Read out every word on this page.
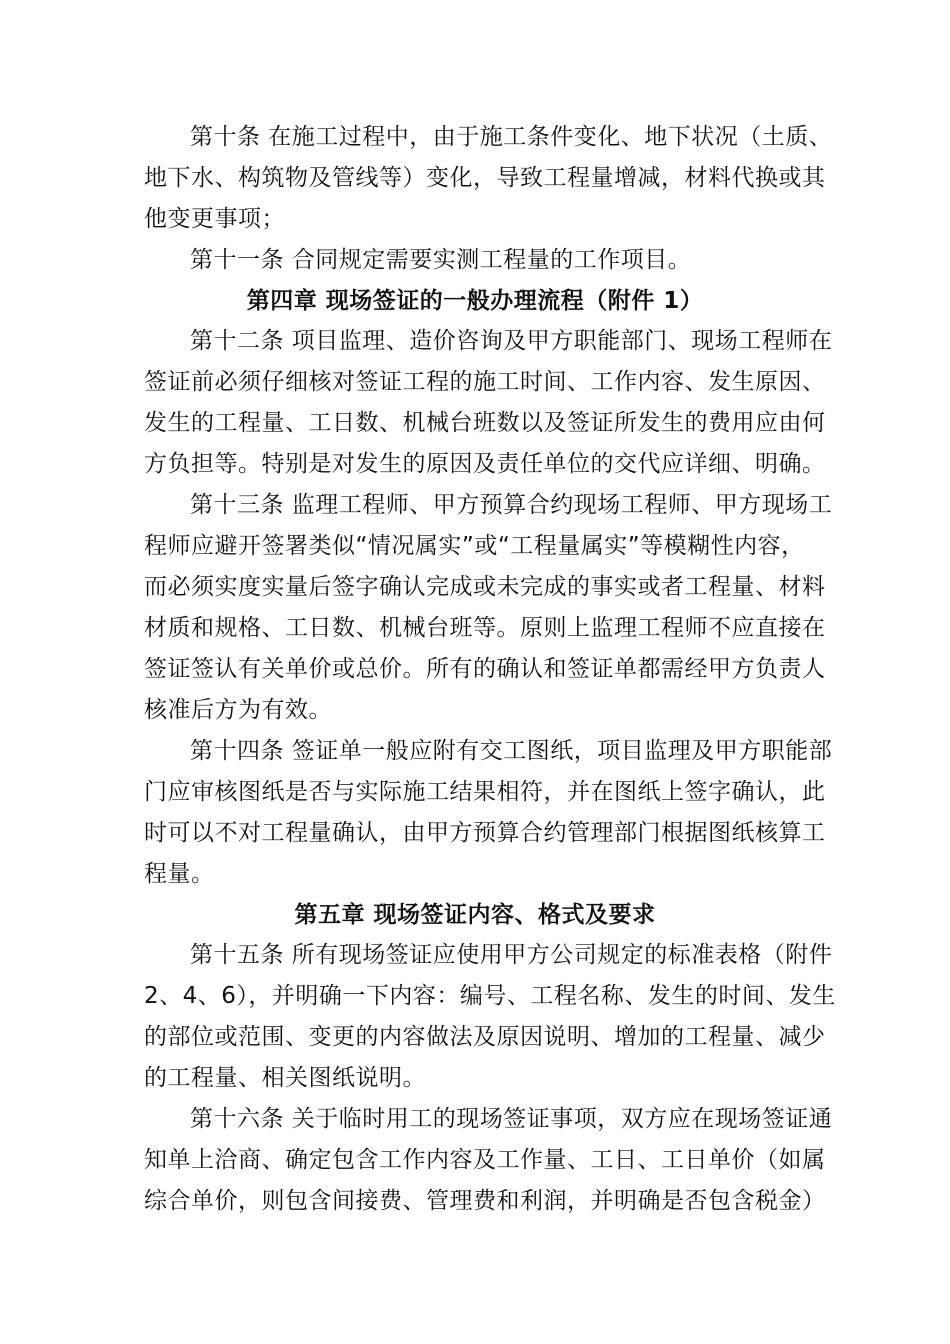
第十条 在施工过程中，由于施工条件变化、地下状况（土质、
地下水、构筑物及管线等）变化，导致工程量增减，材料代换或其
他变更事项；
第十一条 合同规定需要实测工程量的工作项目。
第四章 现场签证的一般办理流程（附件 1）
第十二条 项目监理、造价咨询及甲方职能部门、现场工程师在
签证前必须仔细核对签证工程的施工时间、工作内容、发生原因、
发生的工程量、工日数、机械台班数以及签证所发生的费用应由何
方负担等。特别是对发生的原因及责任单位的交代应详细、明确。
第十三条 监理工程师、甲方预算合约现场工程师、甲方现场工
程师应避开签署类似“情况属实”或“工程量属实”等模糊性内容，
而必须实度实量后签字确认完成或未完成的事实或者工程量、材料
材质和规格、工日数、机械台班等。原则上监理工程师不应直接在
签证签认有关单价或总价。所有的确认和签证单都需经甲方负责人
核准后方为有效。
第十四条 签证单一般应附有交工图纸，项目监理及甲方职能部
门应审核图纸是否与实际施工结果相符，并在图纸上签字确认，此
时可以不对工程量确认，由甲方预算合约管理部门根据图纸核算工
程量。
第五章 现场签证内容、格式及要求
第十五条 所有现场签证应使用甲方公司规定的标准表格（附件
2、4、6），并明确一下内容：编号、工程名称、发生的时间、发生
的部位或范围、变更的内容做法及原因说明、增加的工程量、减少
的工程量、相关图纸说明。
第十六条 关于临时用工的现场签证事项，双方应在现场签证通
知单上洽商、确定包含工作内容及工作量、工日、工日单价（如属
综合单价，则包含间接费、管理费和利润，并明确是否包含税金）
